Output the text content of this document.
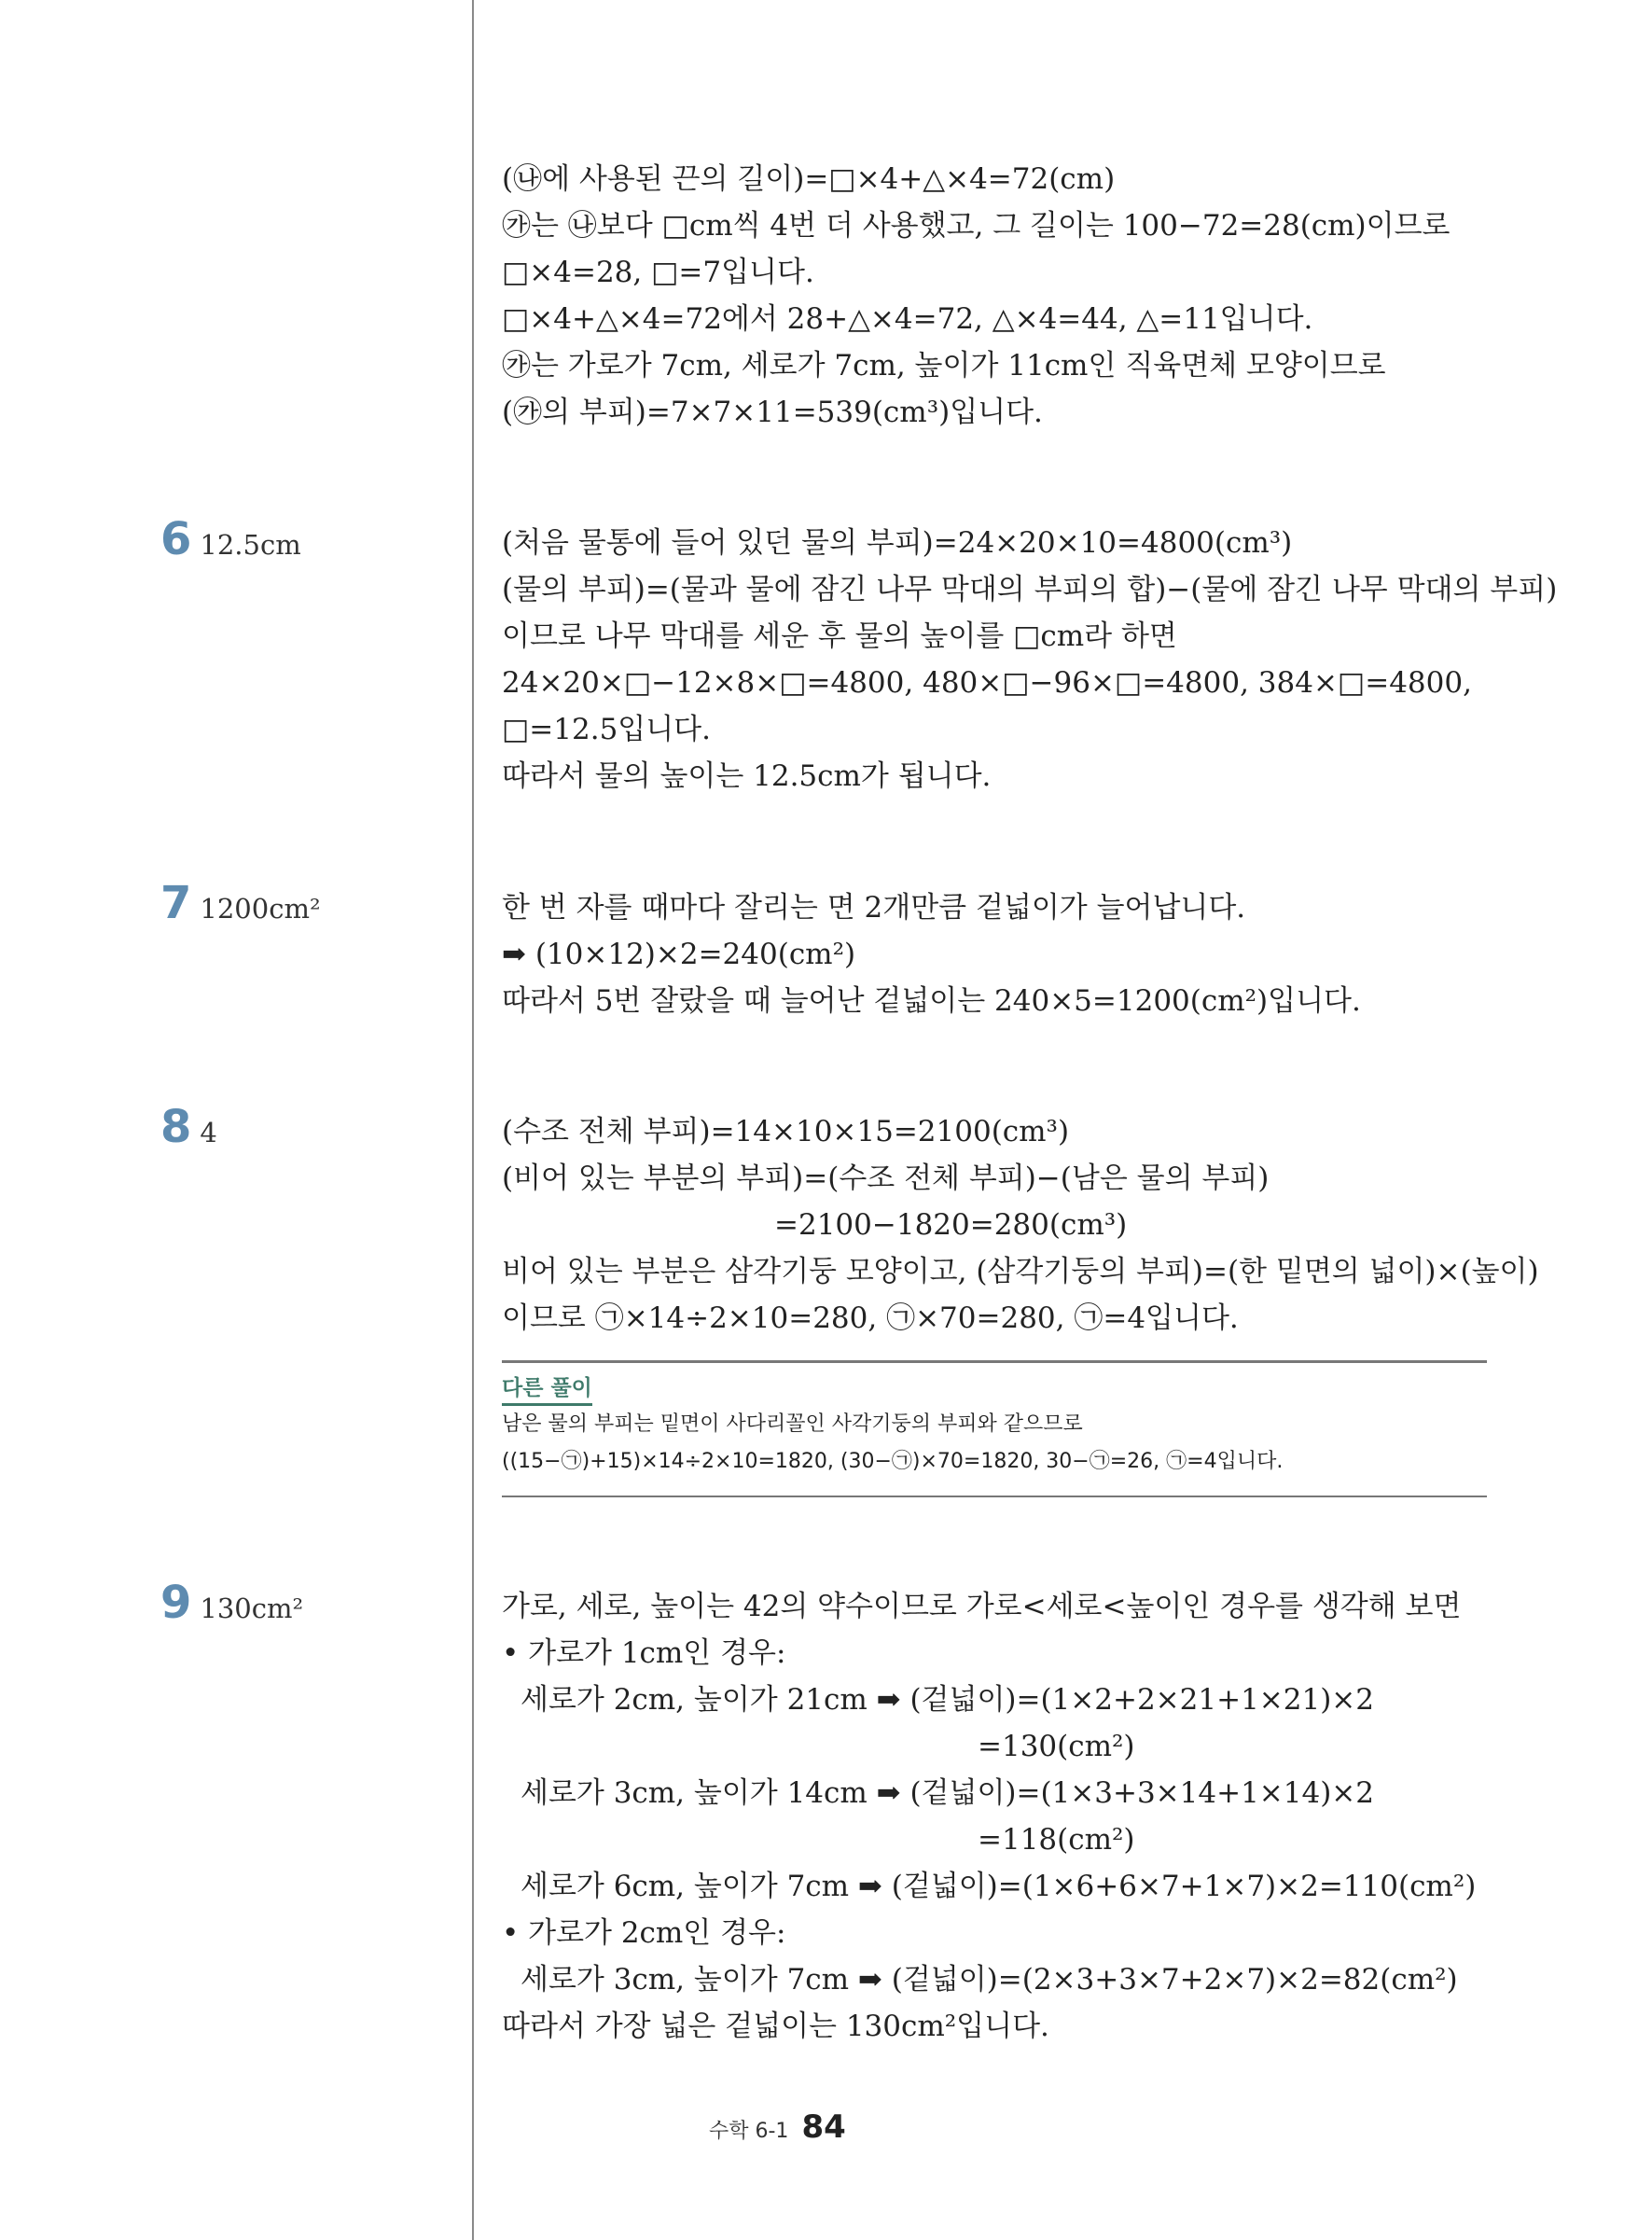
(㉯에 사용된 끈의 길이)=□×4+△×4=72(cm)
㉮는 ㉯보다 □cm씩 4번 더 사용했고, 그 길이는 100−72=28(cm)이므로
□×4=28, □=7입니다.
□×4+△×4=72에서 28+△×4=72, △×4=44, △=11입니다.
㉮는 가로가 7cm, 세로가 7cm, 높이가 11cm인 직육면체 모양이므로
(㉮의 부피)=7×7×11=539(cm³)입니다.
6 12.5cm	(처음 물통에 들어 있던 물의 부피)=24×20×10=4800(cm³)
(물의 부피)=(물과 물에 잠긴 나무 막대의 부피의 합)−(물에 잠긴 나무 막대의 부피)
이므로 나무 막대를 세운 후 물의 높이를 □cm라 하면
24×20×□−12×8×□=4800, 480×□−96×□=4800, 384×□=4800,
□=12.5입니다.
따라서 물의 높이는 12.5cm가 됩니다.
7 1200cm²	한 번 자를 때마다 잘리는 면 2개만큼 겉넓이가 늘어납니다.
➡ (10×12)×2=240(cm²)
따라서 5번 잘랐을 때 늘어난 겉넓이는 240×5=1200(cm²)입니다.
8 4	(수조 전체 부피)=14×10×15=2100(cm³)
(비어 있는 부분의 부피)=(수조 전체 부피)−(남은 물의 부피)
=2100−1820=280(cm³)
비어 있는 부분은 삼각기둥 모양이고, (삼각기둥의 부피)=(한 밑면의 넓이)×(높이)
이므로 ㉠×14÷2×10=280, ㉠×70=280, ㉠=4입니다.
다른 풀이
남은 물의 부피는 밑면이 사다리꼴인 사각기둥의 부피와 같으므로
((15−㉠)+15)×14÷2×10=1820, (30−㉠)×70=1820, 30−㉠=26, ㉠=4입니다.
9 130cm²	가로, 세로, 높이는 42의 약수이므로 가로<세로<높이인 경우를 생각해 보면
• 가로가 1cm인 경우:
세로가 2cm, 높이가 21cm ➡ (겉넓이)=(1×2+2×21+1×21)×2
=130(cm²)
세로가 3cm, 높이가 14cm ➡ (겉넓이)=(1×3+3×14+1×14)×2
=118(cm²)
세로가 6cm, 높이가 7cm ➡ (겉넓이)=(1×6+6×7+1×7)×2=110(cm²)
• 가로가 2cm인 경우:
세로가 3cm, 높이가 7cm ➡ (겉넓이)=(2×3+3×7+2×7)×2=82(cm²)
따라서 가장 넓은 겉넓이는 130cm²입니다.
수학 6-1 84
